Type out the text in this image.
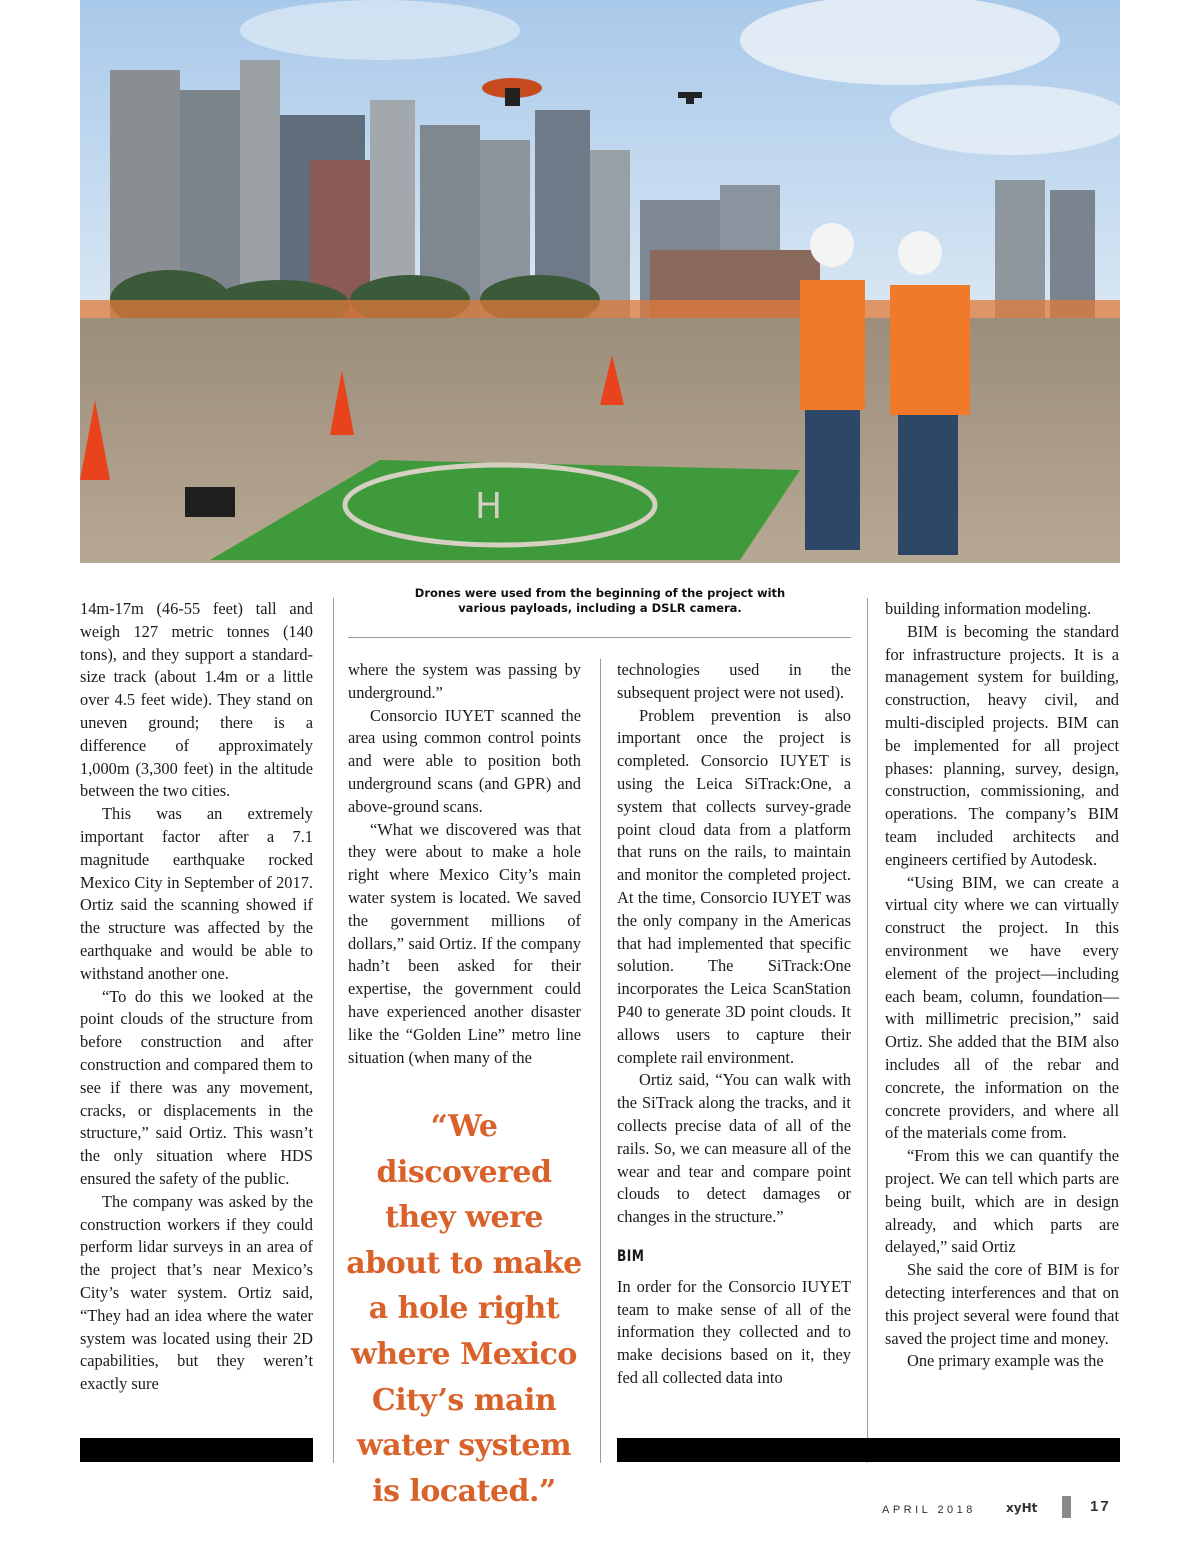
H
Drones were used from the beginning of the project with
various payloads, including a DSLR camera.

14m-17m (46-55 feet) tall and weigh 127 metric tonnes (140 tons), and they support a standard-size track (about 1.4m or a little over 4.5 feet wide). They stand on uneven ground; there is a difference of approximately 1,000m (3,300 feet) in the altitude between the two cities.

This was an extremely important factor after a 7.1 magnitude earthquake rocked Mexico City in September of 2017. Ortiz said the scanning showed if the structure was affected by the earthquake and would be able to withstand another one.

“To do this we looked at the point clouds of the structure from before construction and after construction and compared them to see if there was any movement, cracks, or displacements in the structure,” said Ortiz. This wasn’t the only situation where HDS ensured the safety of the public.

The company was asked by the construction workers if they could perform lidar surveys in an area of the project that’s near Mexico’s City’s water system. Ortiz said, “They had an idea where the water system was located using their 2D capabilities, but they weren’t exactly sure

where the system was passing by underground.”

Consorcio IUYET scanned the area using common control points and were able to position both underground scans (and GPR) and above-ground scans.

“What we discovered was that they were about to make a hole right where Mexico City’s main water system is located. We saved the government millions of dollars,” said Ortiz. If the company hadn’t been asked for their expertise, the government could have experienced another disaster like the “Golden Line” metro line situation (when many of the

“We discovered
they were
about to make
a hole right
where Mexico
City’s main
water system
is located.”

technologies used in the subsequent project were not used).

Problem prevention is also important once the project is completed. Consorcio IUYET is using the Leica SiTrack:One, a system that collects survey-grade point cloud data from a platform that runs on the rails, to maintain and monitor the completed project. At the time, Consorcio IUYET was the only company in the Americas that had implemented that specific solution. The SiTrack:One incorporates the Leica ScanStation P40 to generate 3D point clouds. It allows users to capture their complete rail environment.

Ortiz said, “You can walk with the SiTrack along the tracks, and it collects precise data of all of the rails. So, we can measure all of the wear and tear and compare point clouds to detect damages or changes in the structure.”

BIM

In order for the Consorcio IUYET team to make sense of all of the information they collected and to make decisions based on it, they fed all collected data into

building information modeling.

BIM is becoming the standard for infrastructure projects. It is a management system for building, construction, heavy civil, and multi-discipled projects. BIM can be implemented for all project phases: planning, survey, design, construction, commissioning, and operations. The company’s BIM team included architects and engineers certified by Autodesk.

“Using BIM, we can create a virtual city where we can virtually construct the project. In this environment we have every element of the project—including each beam, column, foundation—with millimetric precision,” said Ortiz. She added that the BIM also includes all of the rebar and concrete, the information on the concrete providers, and where all of the materials come from.

“From this we can quantify the project. We can tell which parts are being built, which are in design already, and which parts are delayed,” said Ortiz

She said the core of BIM is for detecting interferences and that on this project several were found that saved the project time and money.

One primary example was the

APRIL 2018	xyHt	17
